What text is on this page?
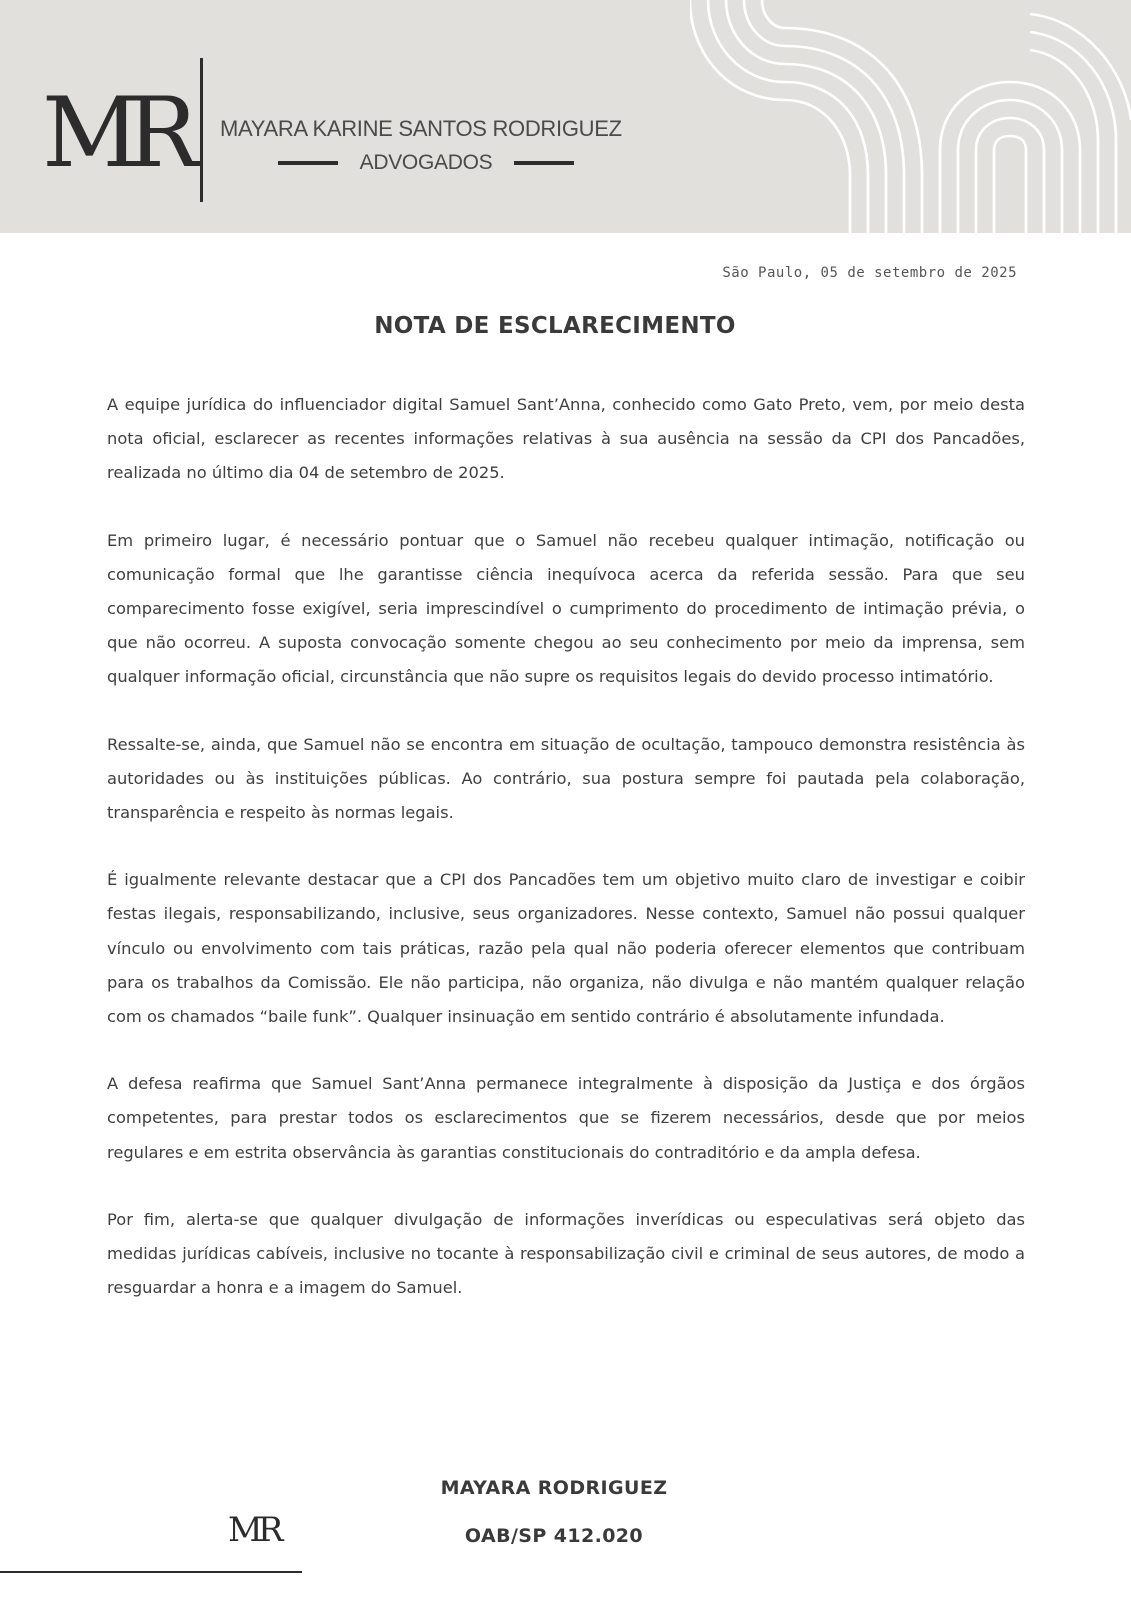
MR MAYARA KARINE SANTOS RODRIGUEZ
ADVOGADOS
São Paulo, 05 de setembro de 2025
NOTA DE ESCLARECIMENTO

A equipe jurídica do influenciador digital Samuel Sant’Anna, conhecido como Gato Preto, vem, por meio desta nota oficial, esclarecer as recentes informações relativas à sua ausência na sessão da CPI dos Pancadões, realizada no último dia 04 de setembro de 2025.

Em primeiro lugar, é necessário pontuar que o Samuel não recebeu qualquer intimação, notificação ou comunicação formal que lhe garantisse ciência inequívoca acerca da referida sessão. Para que seu comparecimento fosse exigível, seria imprescindível o cumprimento do procedimento de intimação prévia, o que não ocorreu. A suposta convocação somente chegou ao seu conhecimento por meio da imprensa, sem qualquer informação oficial, circunstância que não supre os requisitos legais do devido processo intimatório.

Ressalte-se, ainda, que Samuel não se encontra em situação de ocultação, tampouco demonstra resistência às autoridades ou às instituições públicas. Ao contrário, sua postura sempre foi pautada pela colaboração, transparência e respeito às normas legais.

É igualmente relevante destacar que a CPI dos Pancadões tem um objetivo muito claro de investigar e coibir festas ilegais, responsabilizando, inclusive, seus organizadores. Nesse contexto, Samuel não possui qualquer vínculo ou envolvimento com tais práticas, razão pela qual não poderia oferecer elementos que contribuam para os trabalhos da Comissão. Ele não participa, não organiza, não divulga e não mantém qualquer relação com os chamados “baile funk”. Qualquer insinuação em sentido contrário é absolutamente infundada.

A defesa reafirma que Samuel Sant’Anna permanece integralmente à disposição da Justiça e dos órgãos competentes, para prestar todos os esclarecimentos que se fizerem necessários, desde que por meios regulares e em estrita observância às garantias constitucionais do contraditório e da ampla defesa.

Por fim, alerta-se que qualquer divulgação de informações inverídicas ou especulativas será objeto das medidas jurídicas cabíveis, inclusive no tocante à responsabilização civil e criminal de seus autores, de modo a resguardar a honra e a imagem do Samuel.

MAYARA RODRIGUEZ
OAB/SP 412.020
MR
